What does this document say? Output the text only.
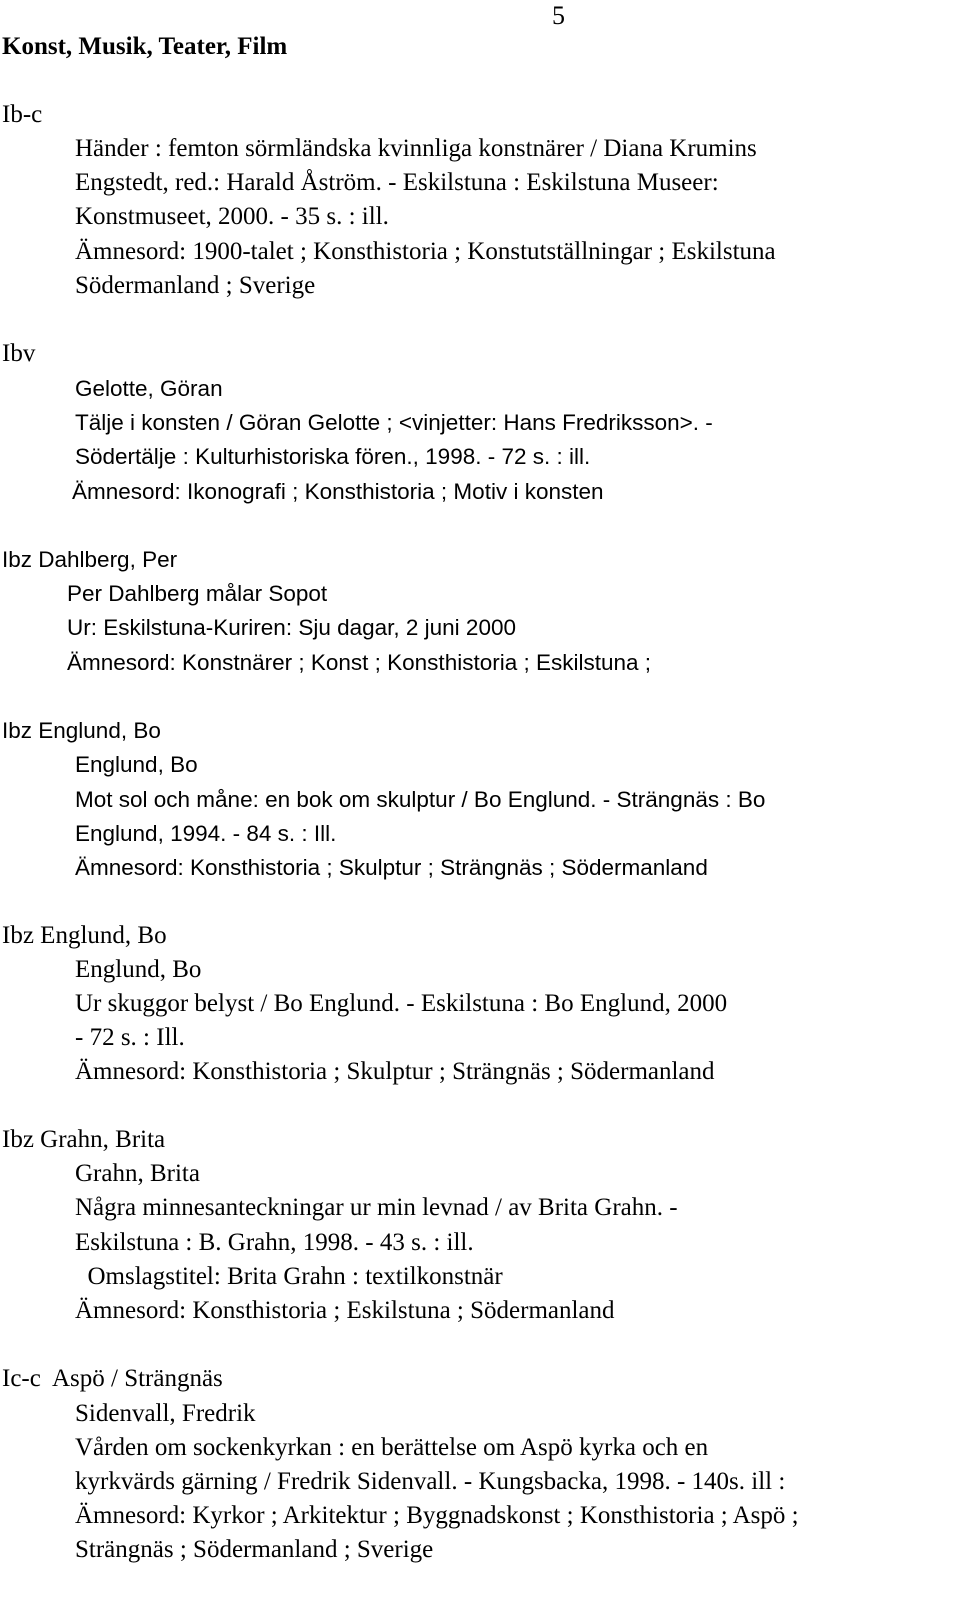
5
Konst, Musik, Teater, Film
Ib-c
Händer : femton sörmländska kvinnliga konstnärer / Diana Krumins
Engstedt, red.: Harald Åström. - Eskilstuna : Eskilstuna Museer:
Konstmuseet, 2000. - 35 s. : ill.
Ämnesord: 1900-talet ; Konsthistoria ; Konstutställningar ; Eskilstuna
Södermanland ; Sverige
Ibv
Gelotte, Göran
Tälje i konsten / Göran Gelotte ; <vinjetter: Hans Fredriksson>. -
Södertälje : Kulturhistoriska fören., 1998. - 72 s. : ill.
Ämnesord: Ikonografi ; Konsthistoria ; Motiv i konsten
Ibz Dahlberg, Per
Per Dahlberg målar Sopot
Ur: Eskilstuna-Kuriren: Sju dagar, 2 juni 2000
Ämnesord: Konstnärer ; Konst ; Konsthistoria ; Eskilstuna ;
Ibz Englund, Bo
Englund, Bo
Mot sol och måne: en bok om skulptur / Bo Englund. - Strängnäs : Bo
Englund, 1994. - 84 s. : Ill.
Ämnesord: Konsthistoria ; Skulptur ; Strängnäs ; Södermanland
Ibz Englund, Bo
Englund, Bo
Ur skuggor belyst / Bo Englund. - Eskilstuna : Bo Englund, 2000
- 72 s. : Ill.
Ämnesord: Konsthistoria ; Skulptur ; Strängnäs ; Södermanland
Ibz Grahn, Brita
Grahn, Brita
Några minnesanteckningar ur min levnad / av Brita Grahn. -
Eskilstuna : B. Grahn, 1998. - 43 s. : ill.
Omslagstitel: Brita Grahn : textilkonstnär
Ämnesord: Konsthistoria ; Eskilstuna ; Södermanland
Ic-c  Aspö / Strängnäs
Sidenvall, Fredrik
Vården om sockenkyrkan : en berättelse om Aspö kyrka och en
kyrkvärds gärning / Fredrik Sidenvall. - Kungsbacka, 1998. - 140s. ill :
Ämnesord: Kyrkor ; Arkitektur ; Byggnadskonst ; Konsthistoria ; Aspö ;
Strängnäs ; Södermanland ; Sverige
